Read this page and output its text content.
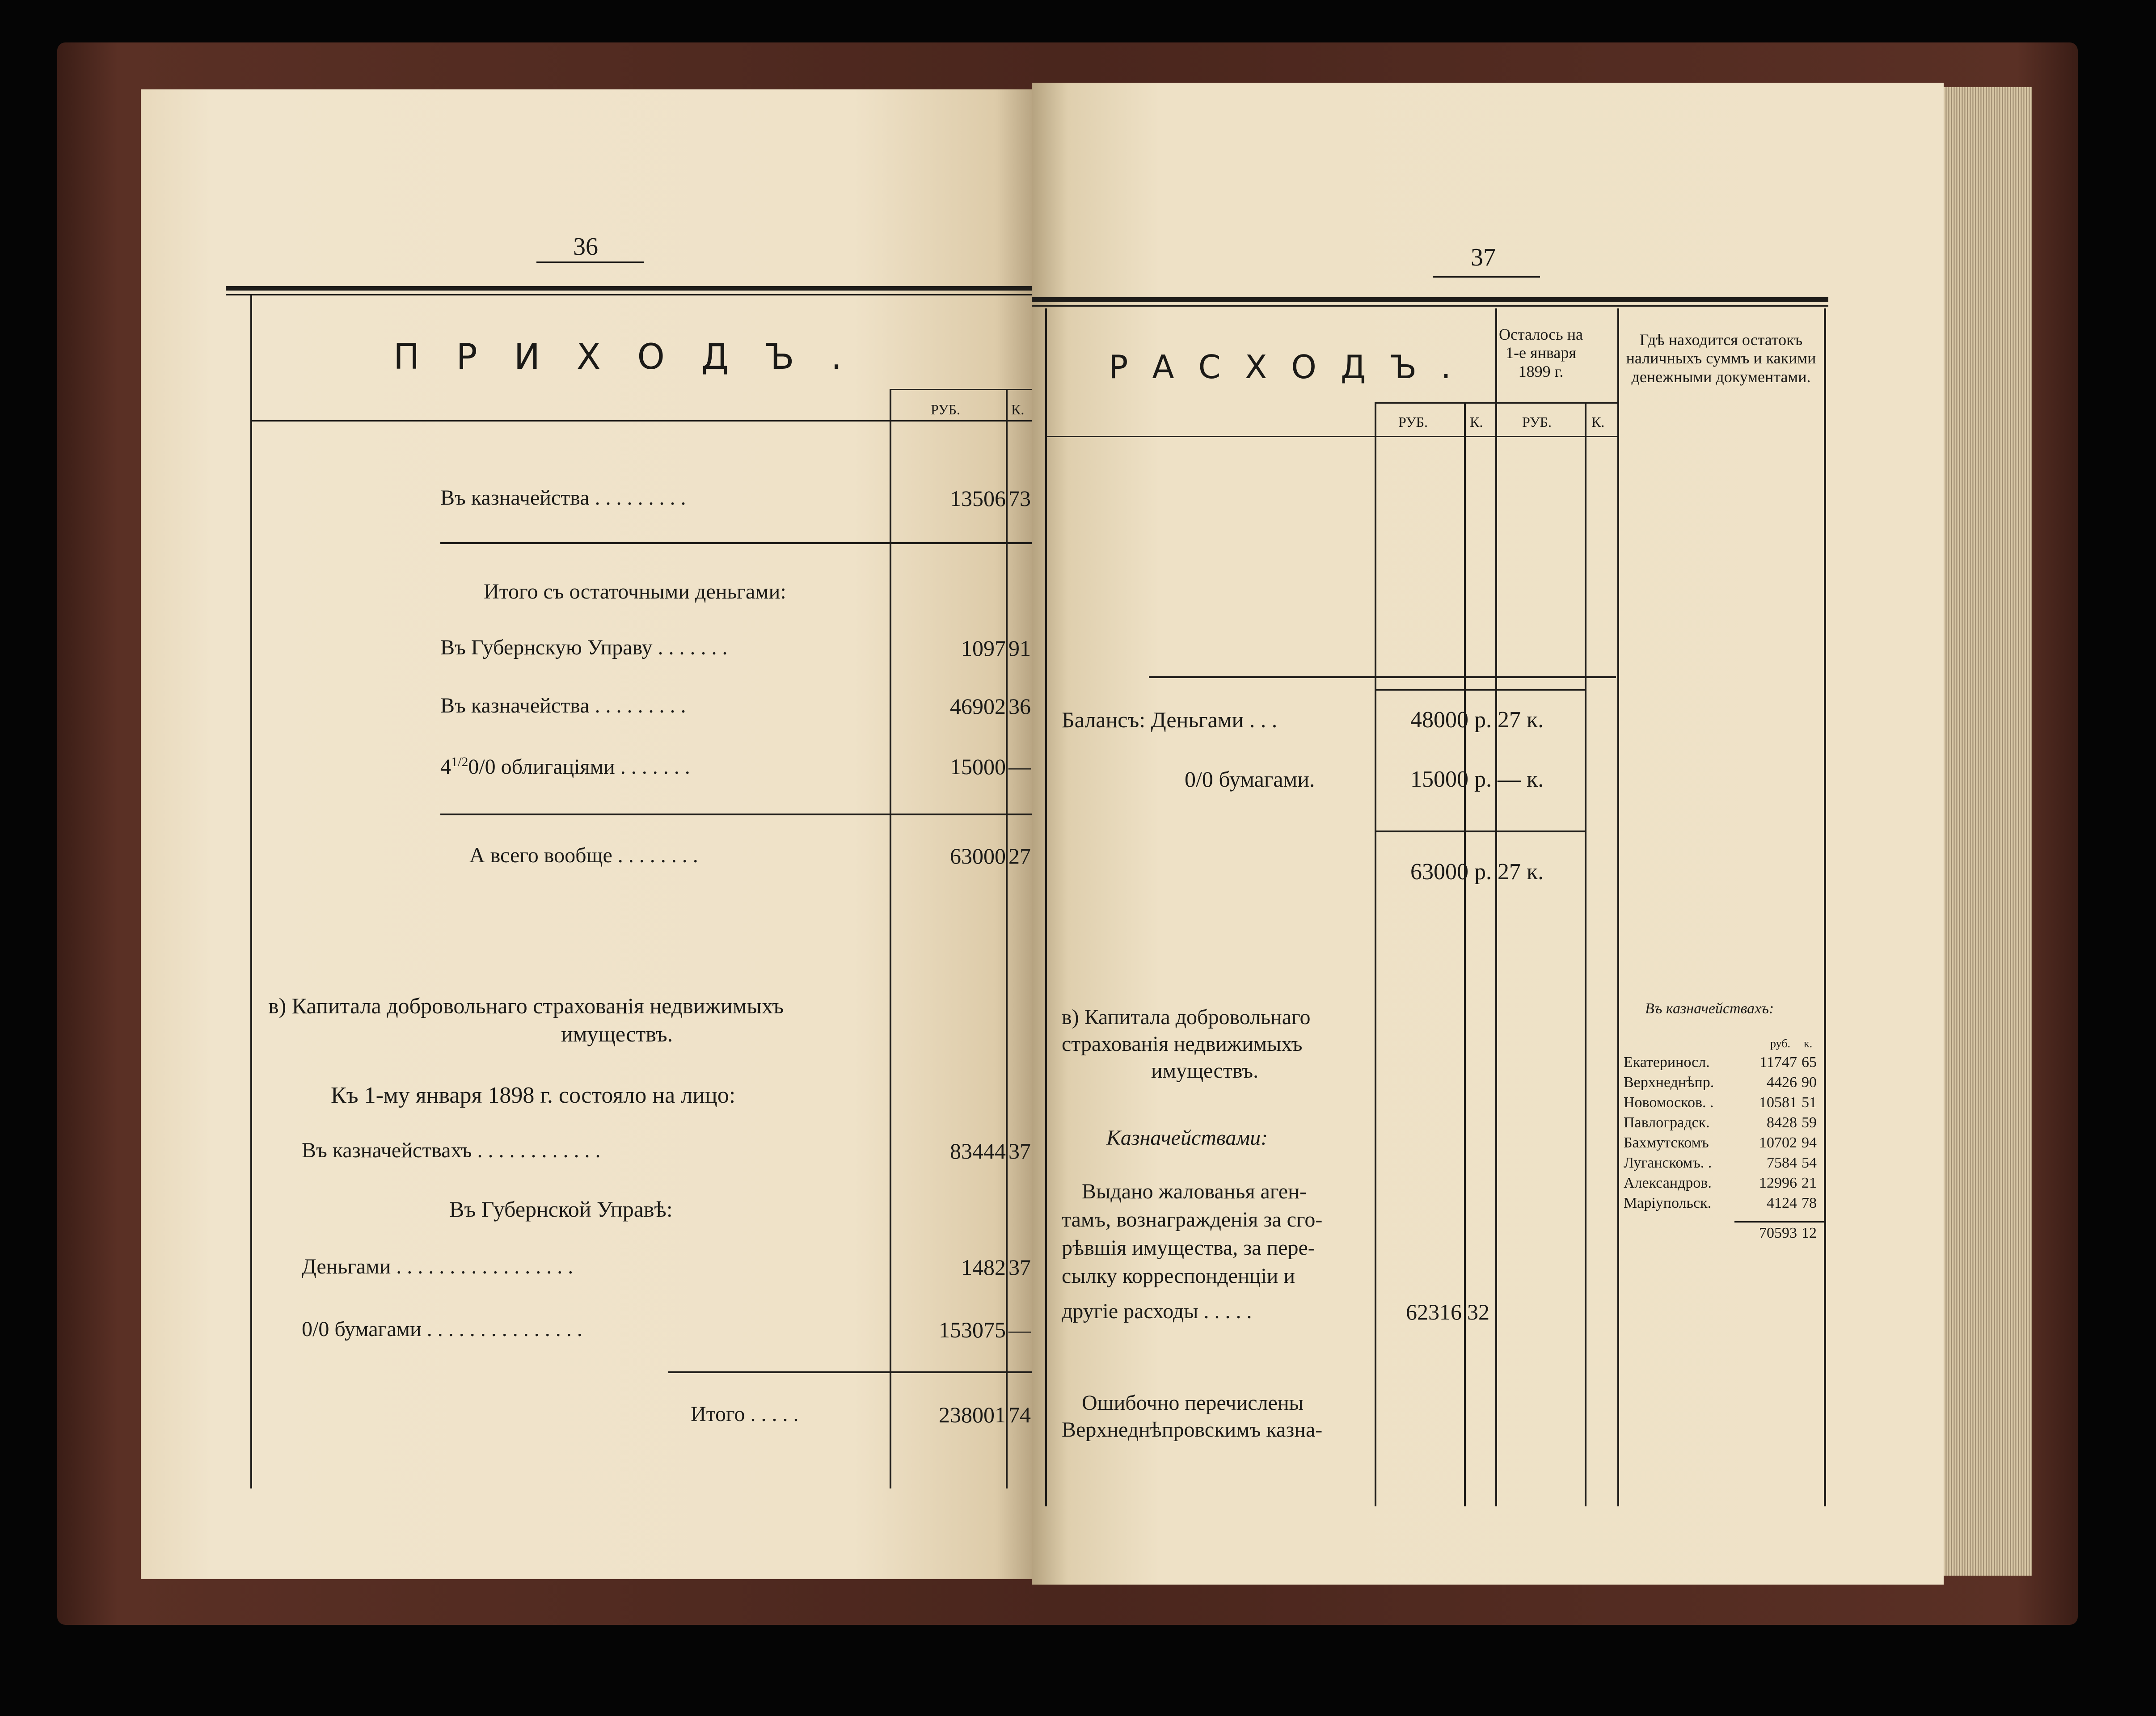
36
ПРИХОДЪ.
РУБ.	К.
Въ казначейства . . . . . . . . .	13506 73
Итого съ остаточными деньгами:
Въ Губернскую Управу . . . . . . .	1097 91
Въ казначейства . . . . . . . . .	46902 36
$4^{1/2}0/0$ облигаціями . . . . . . .	15000 —
А всего вообще . . . . . . . .	63000 27
в) Капитала добровольнаго страхованія недвижимыхъ
имуществъ.
Къ 1-му января 1898 г. состояло на лицо:
Въ казначействахъ . . . . . . . . . . . .	83444 37
Въ Губернской Управѣ:
Деньгами . . . . . . . . . . . . . . . . .	1482 37
0/0 бумагами . . . . . . . . . . . . . . .	153075 —
Итого . . . . .	238001 74
37
РАСХОДЪ.
РУБ.	К.
Осталось на 1-е января 1899 г.
РУБ.	К.
Гдѣ находится остатокъ наличныхъ суммъ и какими денежными документами.
Балансъ: Деньгами . . .	48000 р. 27 к.
0/0 бумагами.	15000 р. — к.
63000 р. 27 к.
в) Капитала добровольнаго
страхованія недвижимыхъ
имуществъ.
Казначействами:
Выдано жалованья аген-
тамъ, вознагражденія за сго-
рѣвшія имущества, за пере-
сылку корреспонденціи и
другіе расходы . . . . .	62316 32
Ошибочно перечислены
Верхнеднѣпровскимъ казна-
Въ казначействахъ:
руб. к.
Екатериносл.	11747 65
Верхнеднѣпр.	4426 90
Новомосков. .	10581 51
Павлоградск.	8428 59
Бахмутскомъ	10702 94
Луганскомъ. .	7584 54
Александров.	12996 21
Маріупольск.	4124 78
70593 12
